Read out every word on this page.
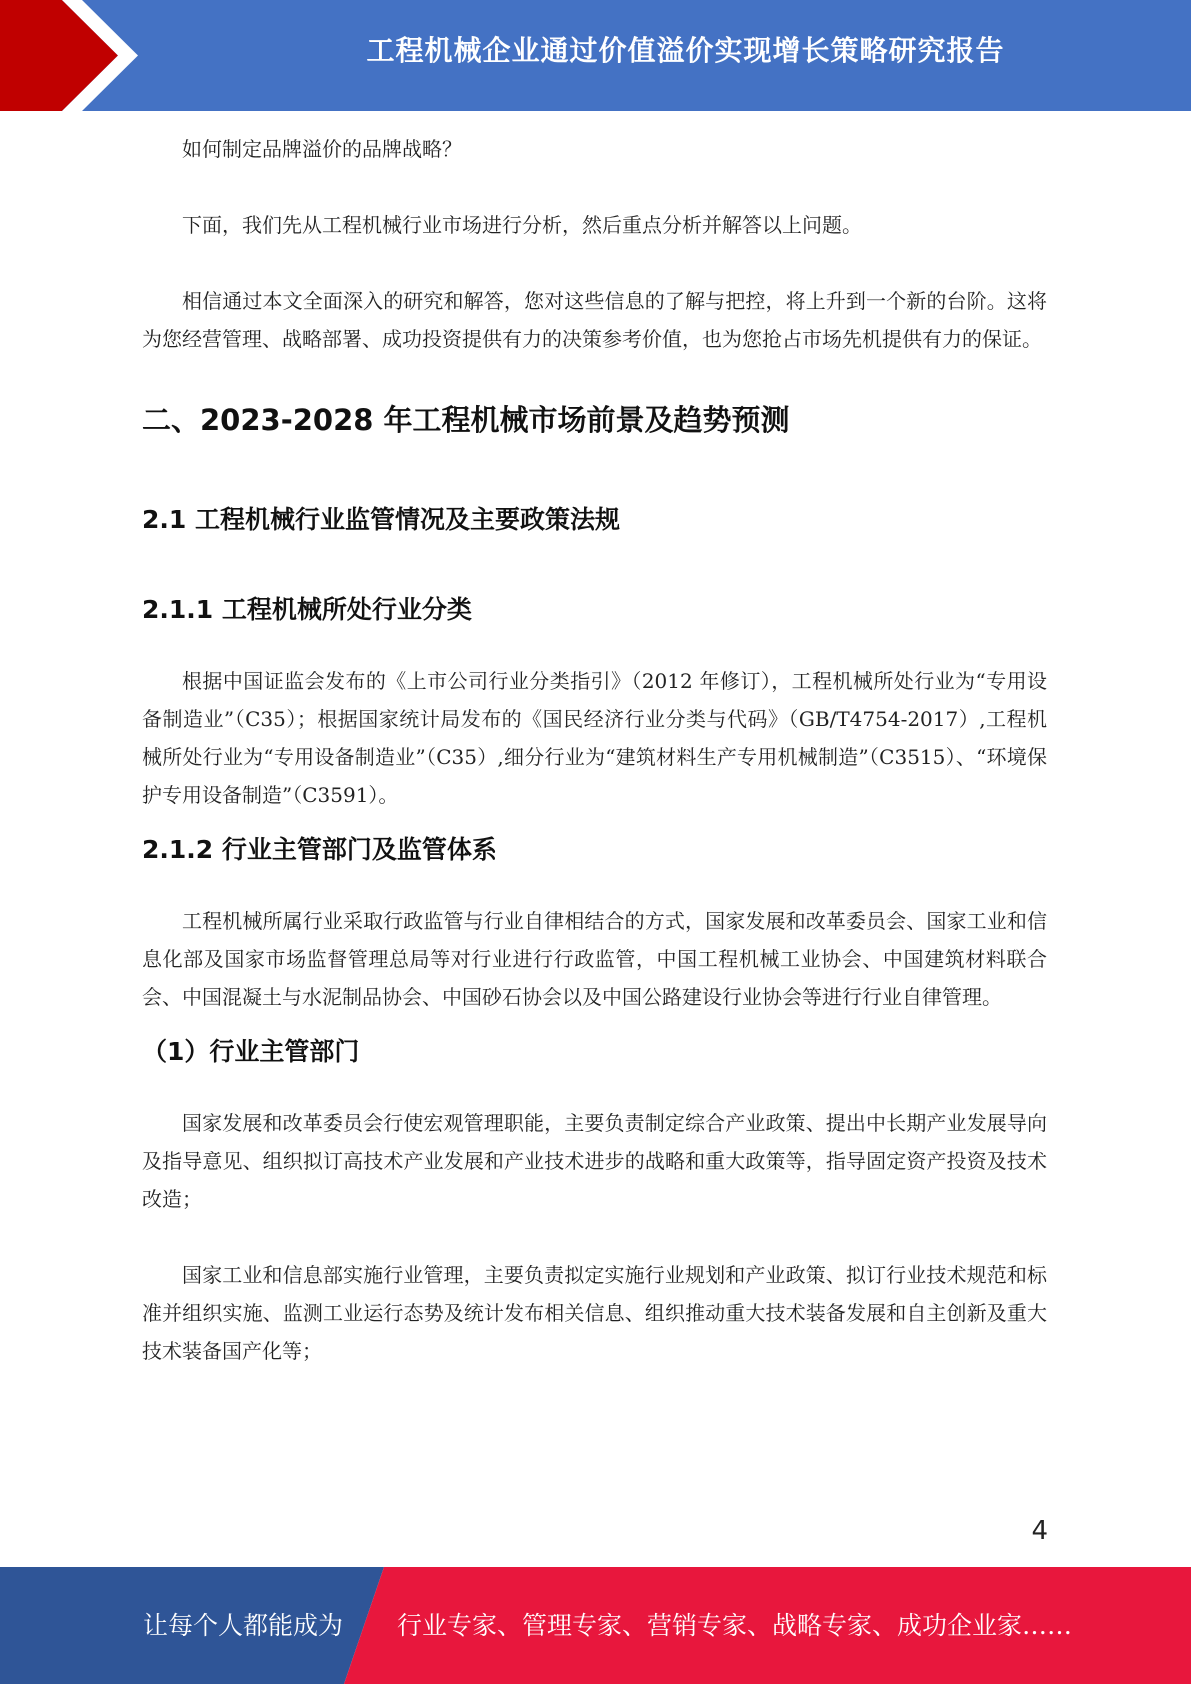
工程机械企业通过价值溢价实现增长策略研究报告

如何制定品牌溢价的品牌战略？

下面，我们先从工程机械行业市场进行分析，然后重点分析并解答以上问题。

相信通过本文全面深入的研究和解答，您对这些信息的了解与把控，将上升到一个新的台阶。这将为您经营管理、战略部署、成功投资提供有力的决策参考价值，也为您抢占市场先机提供有力的保证。

二、2023-2028 年工程机械市场前景及趋势预测
2.1 工程机械行业监管情况及主要政策法规
2.1.1 工程机械所处行业分类

根据中国证监会发布的《上市公司行业分类指引》（2012 年修订），工程机械所处行业为“专用设备制造业”（C35）；根据国家统计局发布的《国民经济行业分类与代码》（GB/T4754-2017）,工程机械所处行业为“专用设备制造业”（C35）,细分行业为“建筑材料生产专用机械制造”（C3515）、“环境保护专用设备制造”（C3591）。

2.1.2 行业主管部门及监管体系

工程机械所属行业采取行政监管与行业自律相结合的方式，国家发展和改革委员会、国家工业和信息化部及国家市场监督管理总局等对行业进行行政监管，中国工程机械工业协会、中国建筑材料联合会、中国混凝土与水泥制品协会、中国砂石协会以及中国公路建设行业协会等进行行业自律管理。

（1）行业主管部门

国家发展和改革委员会行使宏观管理职能，主要负责制定综合产业政策、提出中长期产业发展导向及指导意见、组织拟订高技术产业发展和产业技术进步的战略和重大政策等，指导固定资产投资及技术改造；

国家工业和信息部实施行业管理，主要负责拟定实施行业规划和产业政策、拟订行业技术规范和标准并组织实施、监测工业运行态势及统计发布相关信息、组织推动重大技术装备发展和自主创新及重大技术装备国产化等；

4
让每个人都能成为 行业专家、管理专家、营销专家、战略专家、成功企业家……
